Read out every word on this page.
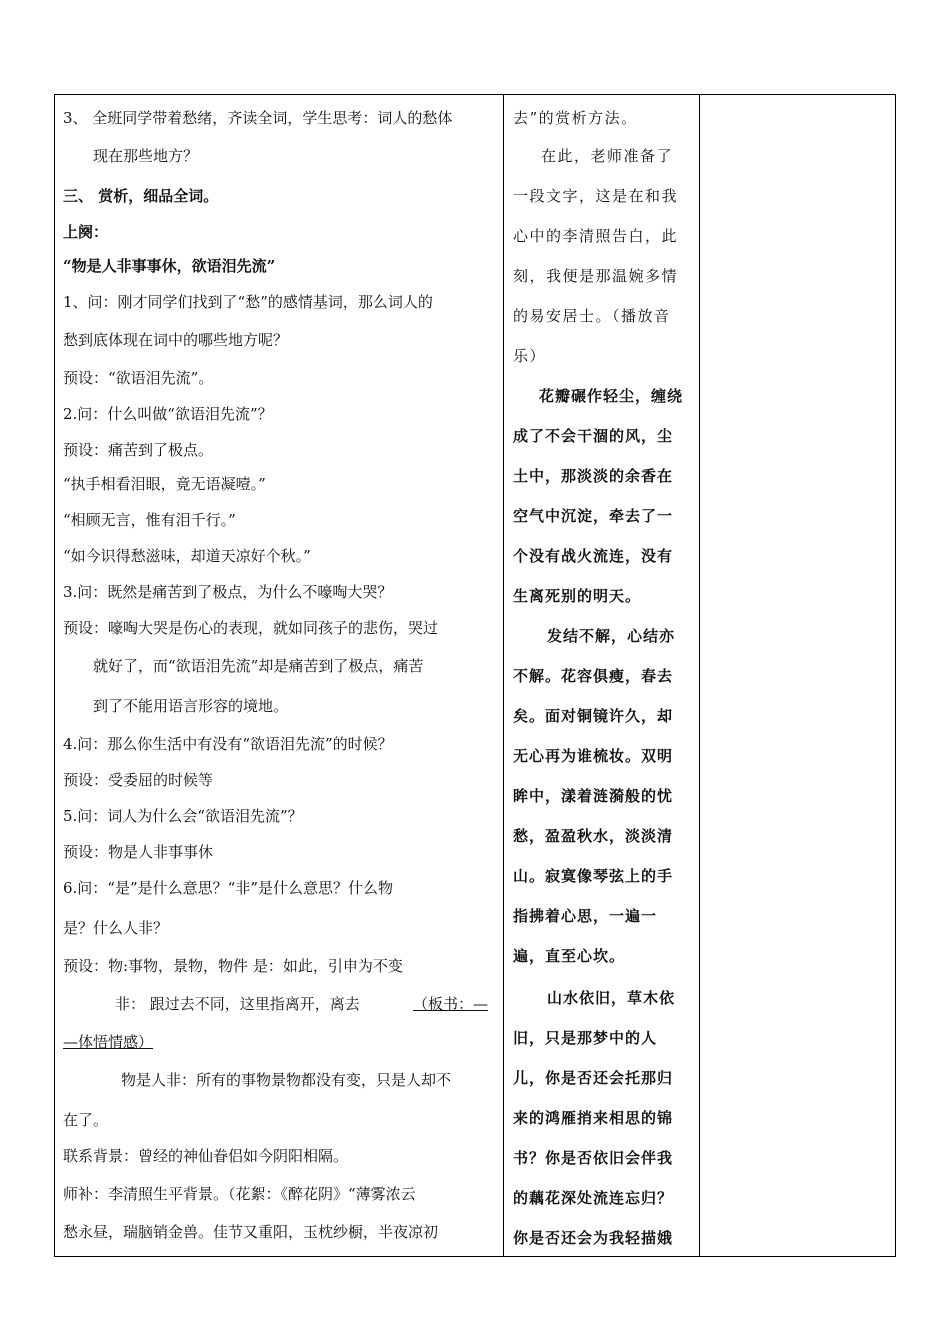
3、 全班同学带着愁绪，齐读全词，学生思考：词人的愁体
现在那些地方？
三、 赏析，细品全词。
上阕：
“物是人非事事休，欲语泪先流”
1、问：刚才同学们找到了“愁”的感情基词，那么词人的
愁到底体现在词中的哪些地方呢？
预设：“欲语泪先流”。
2.问：什么叫做“欲语泪先流”？
预设：痛苦到了极点。
“执手相看泪眼，竟无语凝噎。”
“相顾无言，惟有泪千行。”
“如今识得愁滋味，却道天凉好个秋。”
3.问：既然是痛苦到了极点，为什么不嚎啕大哭？
预设：嚎啕大哭是伤心的表现，就如同孩子的悲伤，哭过
就好了，而“欲语泪先流”却是痛苦到了极点，痛苦
到了不能用语言形容的境地。
4.问：那么你生活中有没有“欲语泪先流”的时候？
预设：受委屈的时候等
5.问：词人为什么会“欲语泪先流”？
预设：物是人非事事休
6.问：“是”是什么意思？“非”是什么意思？什么物
是？什么人非？
预设：物:事物，景物，物件 是：如此，引申为不变
非： 跟过去不同，这里指离开，离去	（板书：—
—体悟情感）
物是人非：所有的事物景物都没有变，只是人却不
在了。
联系背景：曾经的神仙眷侣如今阴阳相隔。
师补：李清照生平背景。（花絮：《醉花阴》“薄雾浓云
愁永昼，瑞脑销金兽。佳节又重阳，玉枕纱橱，半夜凉初
去”的赏析方法。
在此，老师准备了
一段文字，这是在和我
心中的李清照告白，此
刻，我便是那温婉多情
的易安居士。（播放音
乐）
花瓣碾作轻尘，缠绕
成了不会干涸的风，尘
土中，那淡淡的余香在
空气中沉淀，牵去了一
个没有战火流连，没有
生离死别的明天。
发结不解，心结亦
不解。花容俱瘦，春去
矣。面对铜镜许久，却
无心再为谁梳妆。双明
眸中，漾着涟漪般的忧
愁，盈盈秋水，淡淡清
山。寂寞像琴弦上的手
指拂着心思，一遍一
遍，直至心坎。
山水依旧，草木依
旧，只是那梦中的人
儿，你是否还会托那归
来的鸿雁捎来相思的锦
书？你是否依旧会伴我
的藕花深处流连忘归？
你是否还会为我轻描娥
